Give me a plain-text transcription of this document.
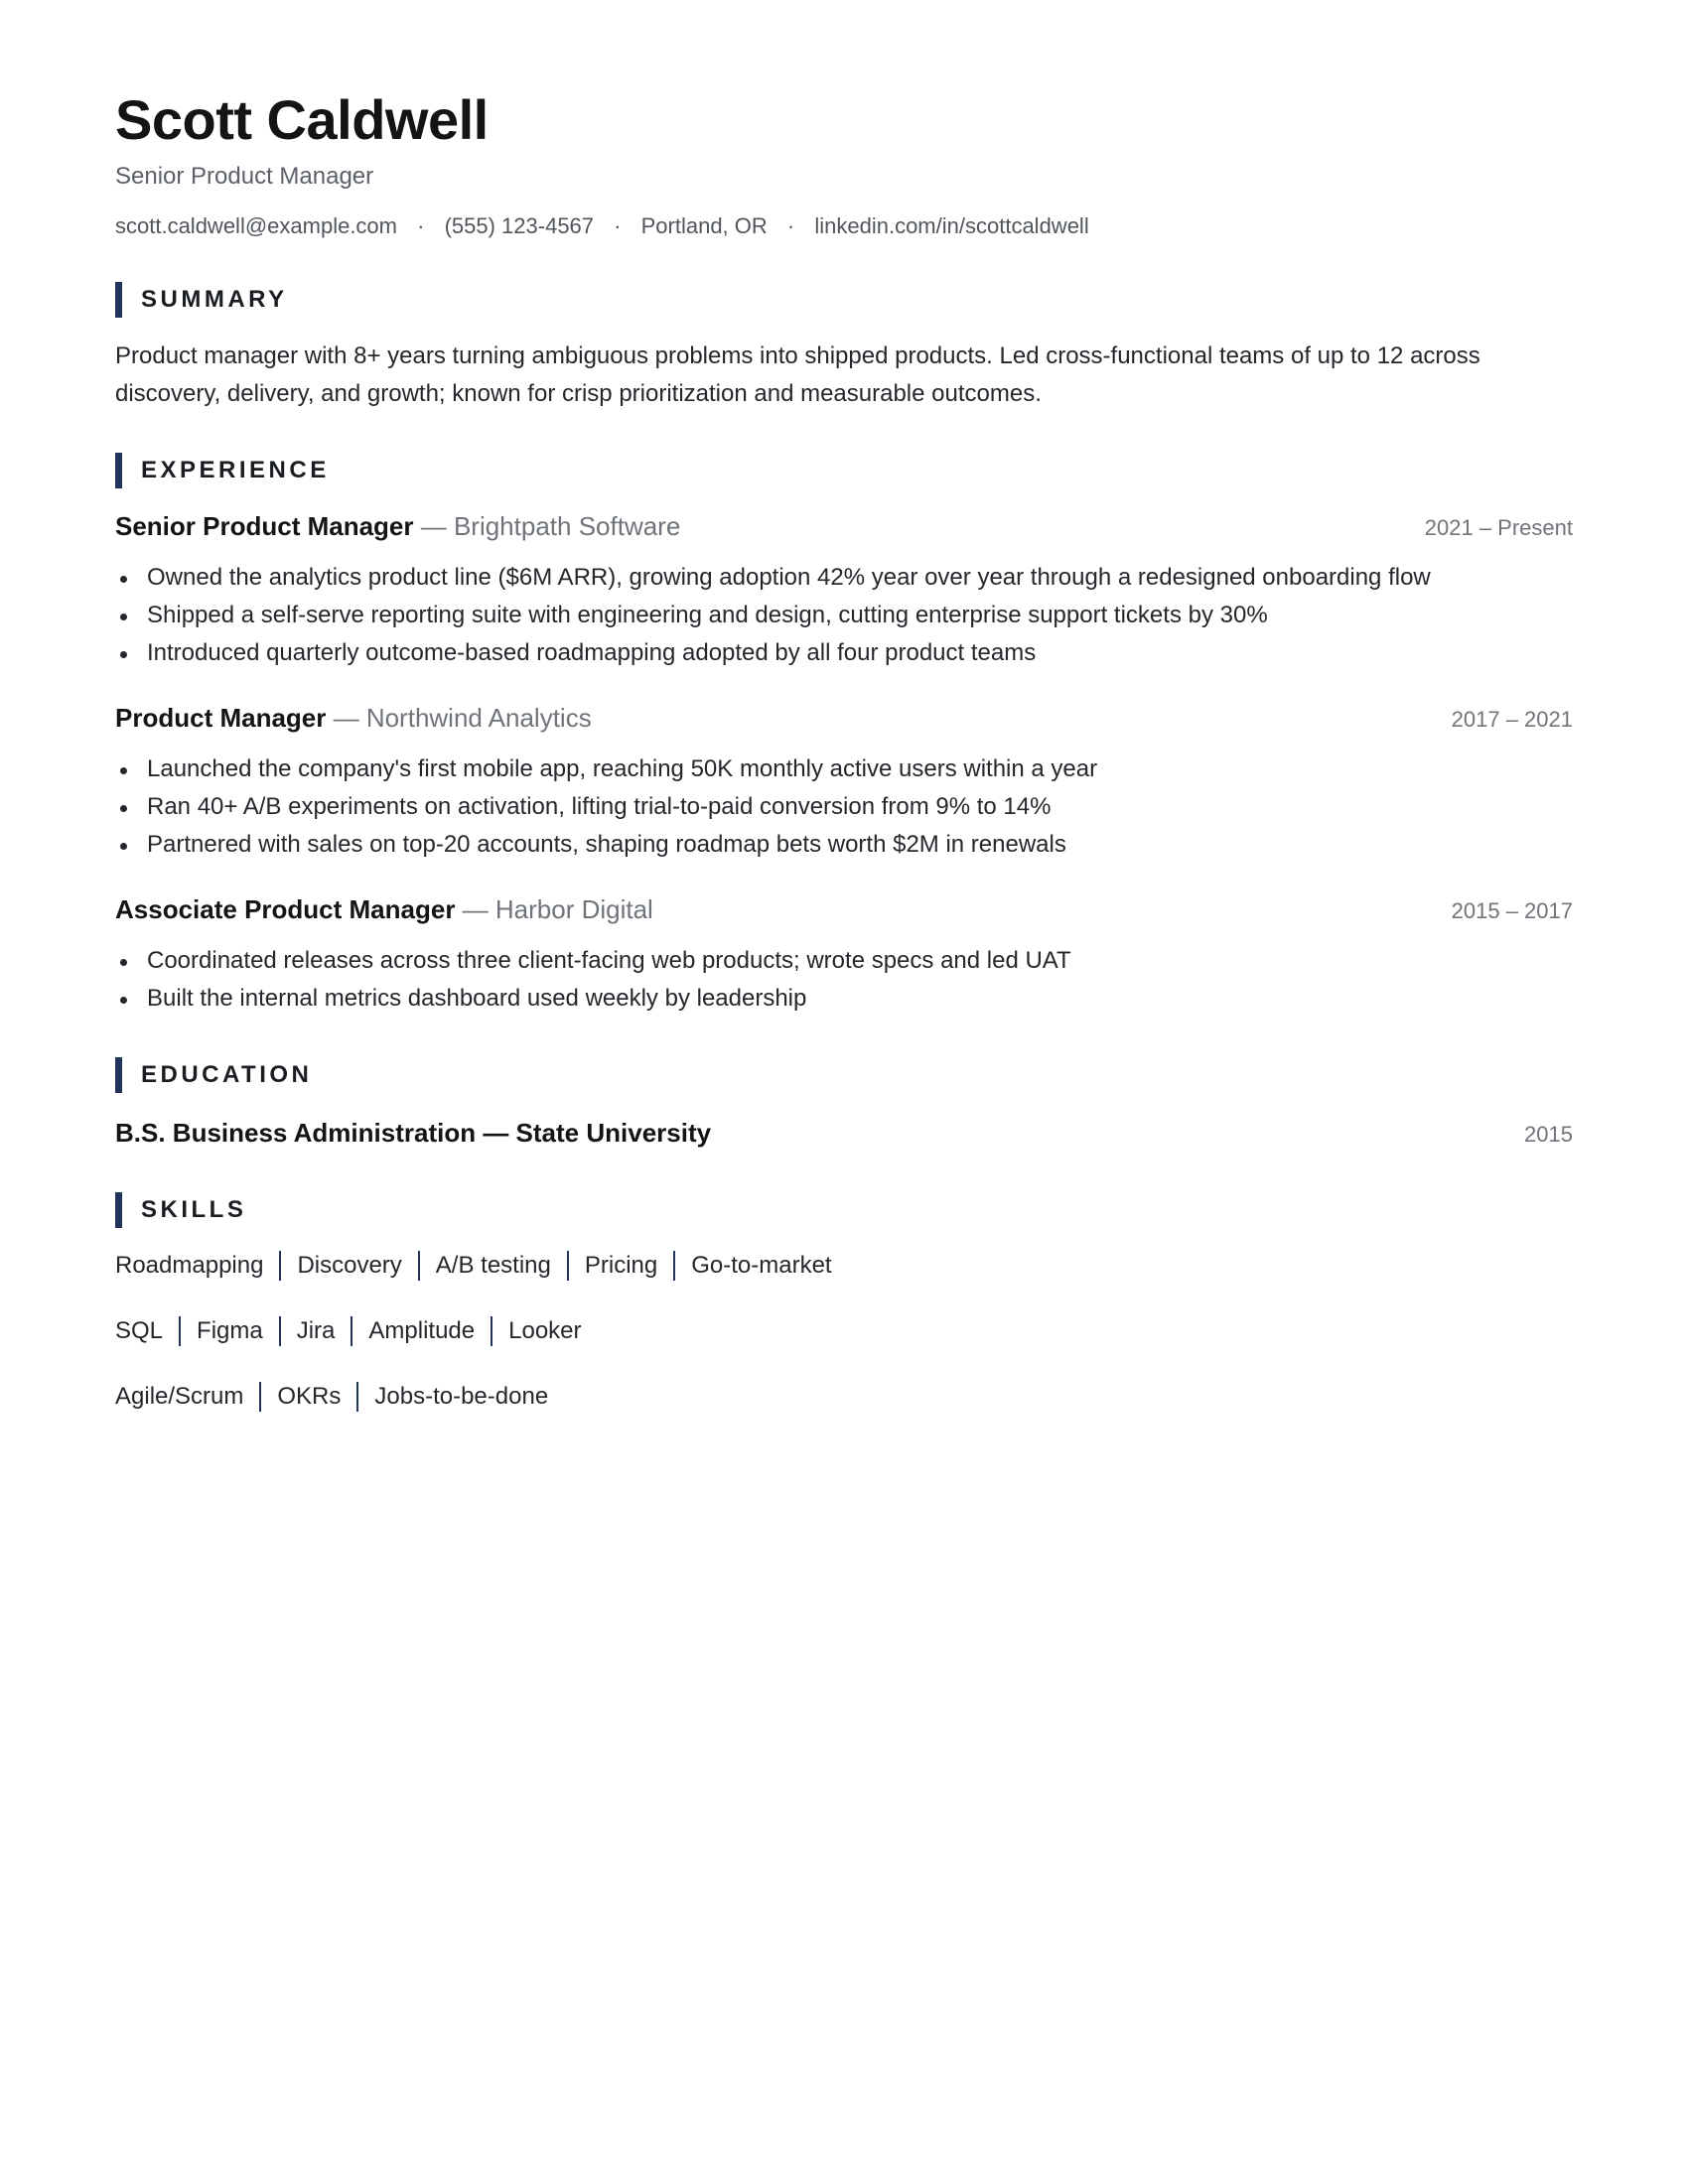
Scott Caldwell
Senior Product Manager
scott.caldwell@example.com · (555) 123-4567 · Portland, OR · linkedin.com/in/scottcaldwell
SUMMARY
Product manager with 8+ years turning ambiguous problems into shipped products. Led cross-functional teams of up to 12 across discovery, delivery, and growth; known for crisp prioritization and measurable outcomes.
EXPERIENCE
Senior Product Manager — Brightpath Software	2021 – Present
Owned the analytics product line ($6M ARR), growing adoption 42% year over year through a redesigned onboarding flow
Shipped a self-serve reporting suite with engineering and design, cutting enterprise support tickets by 30%
Introduced quarterly outcome-based roadmapping adopted by all four product teams
Product Manager — Northwind Analytics	2017 – 2021
Launched the company's first mobile app, reaching 50K monthly active users within a year
Ran 40+ A/B experiments on activation, lifting trial-to-paid conversion from 9% to 14%
Partnered with sales on top-20 accounts, shaping roadmap bets worth $2M in renewals
Associate Product Manager — Harbor Digital	2015 – 2017
Coordinated releases across three client-facing web products; wrote specs and led UAT
Built the internal metrics dashboard used weekly by leadership
EDUCATION
B.S. Business Administration — State University	2015
SKILLS
Roadmapping Discovery A/B testing Pricing Go-to-market
SQL Figma Jira Amplitude Looker
Agile/Scrum OKRs Jobs-to-be-done
